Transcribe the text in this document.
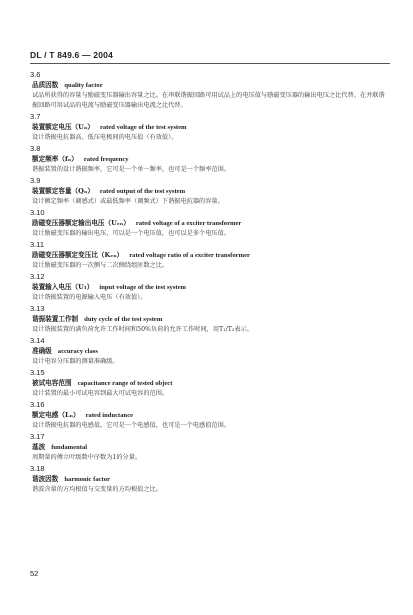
DL / T 849.6 — 2004
3.6
品质因数 quality factor
试品所获得的容量与励磁变压器输出容量之比。在串联谐振回路可用试品上的电压值与励磁变压器的输出电压之比代替。在并联谐振回路可用试品的电流与励磁变压器输出电流之比代替。
3.7
装置额定电压（Uₙ） rated voltage of the test system
设计谐振电抗器高、低压电极间的电压值（有效值）。
3.8
额定频率（fₙ） rated frequency
谐振装置的设计谐振频率，它可是一个单一频率，也可是一个频率范围。
3.9
装置额定容量（Qₙ） rated output of the test system
设计额定频率（调感式）或最低频率（调频式）下谐振电抗器的容量。
3.10
励磁变压器额定输出电压（Uₑₙ） rated voltage of a exciter transformer
设计励磁变压器的输出电压，可以是一个电压值，也可以是多个电压值。
3.11
励磁变压器额定变压比（Kₑₙ） rated voltage ratio of a exciter transformer
设计励磁变压器的一次侧与二次侧绕组匝数之比。
3.12
装置输入电压（U₁） input voltage of the test system
设计谐振装置的电源输入电压（有效值）。
3.13
谐振装置工作制 duty cycle of the test system
设计谐振装置的满负荷允许工作时间和50%负荷的允许工作时间，用T₁/T₂表示。
3.14
准确级 accuracy class
设计电容分压器的测量准确级。
3.15
被试电容范围 capacitance range of tested object
设计装置的最小可试电容到最大可试电容的范围。
3.16
额定电感（Lₙ） rated inductance
设计谐振电抗器的电感值，它可是一个电感值，也可是一个电感值范围。
3.17
基波 fundamental
周期量的傅立叶级数中序数为1的分量。
3.18
谐波因数 harmonic factor
谐波含量的方均根值与交变量的方均根值之比。
52
